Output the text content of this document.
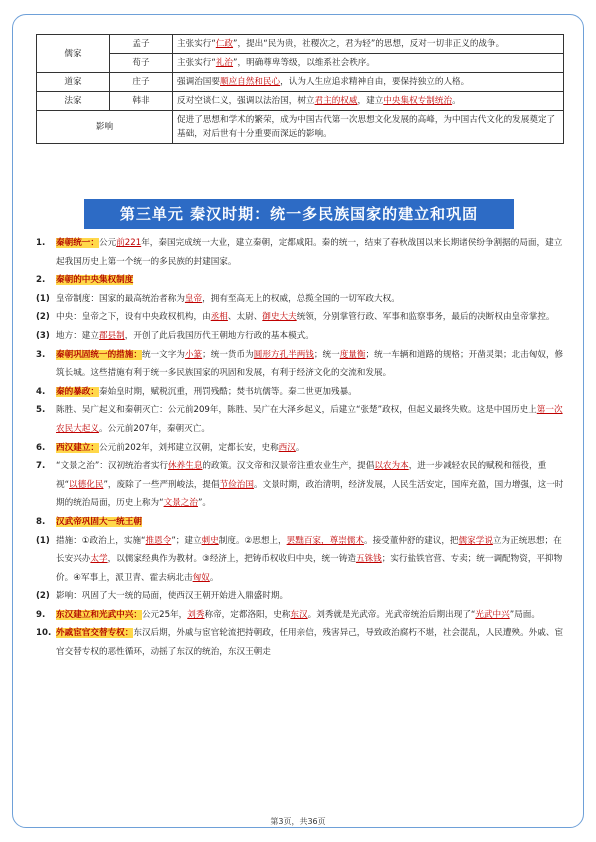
儒家	孟子	主张实行“仁政”，提出“民为贵，社稷次之，君为轻”的思想，反对一切非正义的战争。
	荀子	主张实行“礼治”，明确尊卑等级，以维系社会秩序。
道家	庄子	强调治国要顺应自然和民心，认为人生应追求精神自由，要保持独立的人格。
法家	韩非	反对空谈仁义，强调以法治国，树立君主的权威，建立中央集权专制统治。
影响		促进了思想和学术的繁荣，成为中国古代第一次思想文化发展的高峰，为中国古代文化的发展奠定了基础，对后世有十分重要而深远的影响。
第三单元 秦汉时期：统一多民族国家的建立和巩固
1. 秦朝统一：公元前221年，秦国完成统一大业，建立秦朝，定都咸阳。秦的统一，结束了春秋战国以来长期诸侯纷争割据的局面，建立起我国历史上第一个统一的多民族的封建国家。
2. 秦朝的中央集权制度
(1) 皇帝制度：国家的最高统治者称为皇帝，拥有至高无上的权威，总揽全国的一切军政大权。
(2) 中央：皇帝之下，设有中央政权机构，由丞相、太尉、御史大夫统领，分别掌管行政、军事和监察事务，最后的决断权由皇帝掌控。
(3) 地方：建立郡县制，开创了此后我国历代王朝地方行政的基本模式。
3. 秦朝巩固统一的措施：统一文字为小篆；统一货币为圆形方孔半两钱；统一度量衡；统一车辆和道路的规格；开凿灵渠；北击匈奴，修筑长城。这些措施有利于统一多民族国家的巩固和发展，有利于经济文化的交流和发展。
4. 秦的暴政：秦始皇时期，赋税沉重，刑罚残酷；焚书坑儒等。秦二世更加残暴。
5. 陈胜、吴广起义和秦朝灭亡：公元前209年，陈胜、吴广在大泽乡起义，后建立“张楚”政权，但起义最终失败。这是中国历史上第一次农民大起义。公元前207年，秦朝灭亡。
6. 西汉建立：公元前202年，刘邦建立汉朝，定都长安，史称西汉。
7. “文景之治”：汉初统治者实行休养生息的政策。汉文帝和汉景帝注重农业生产，提倡以农为本，进一步减轻农民的赋税和徭役，重视“以德化民”，废除了一些严刑峻法，提倡节俭治国。文景时期，政治清明，经济发展，人民生活安定，国库充盈，国力增强，这一时期的统治局面，历史上称为“文景之治”。
8. 汉武帝巩固大一统王朝
(1) 措施：①政治上，实施“推恩令”；建立刺史制度。②思想上，罢黜百家，尊崇儒术。接受董仲舒的建议，把儒家学说立为正统思想；在长安兴办太学，以儒家经典作为教材。③经济上，把铸币权收归中央，统一铸造五铢钱；实行盐铁官营、专卖；统一调配物资，平抑物价。④军事上，派卫青、霍去病北击匈奴。
(2) 影响：巩固了大一统的局面，使西汉王朝开始进入鼎盛时期。
9. 东汉建立和光武中兴：公元25年，刘秀称帝，定都洛阳，史称东汉。刘秀就是光武帝。光武帝统治后期出现了“光武中兴”局面。
10. 外戚宦官交替专权：东汉后期，外戚与宦官轮流把持朝政，任用亲信，残害异己，导致政治腐朽不堪，社会混乱，人民遭殃。外戚、宦官交替专权的恶性循环，动摇了东汉的统治，东汉王朝走
第3页，共36页
